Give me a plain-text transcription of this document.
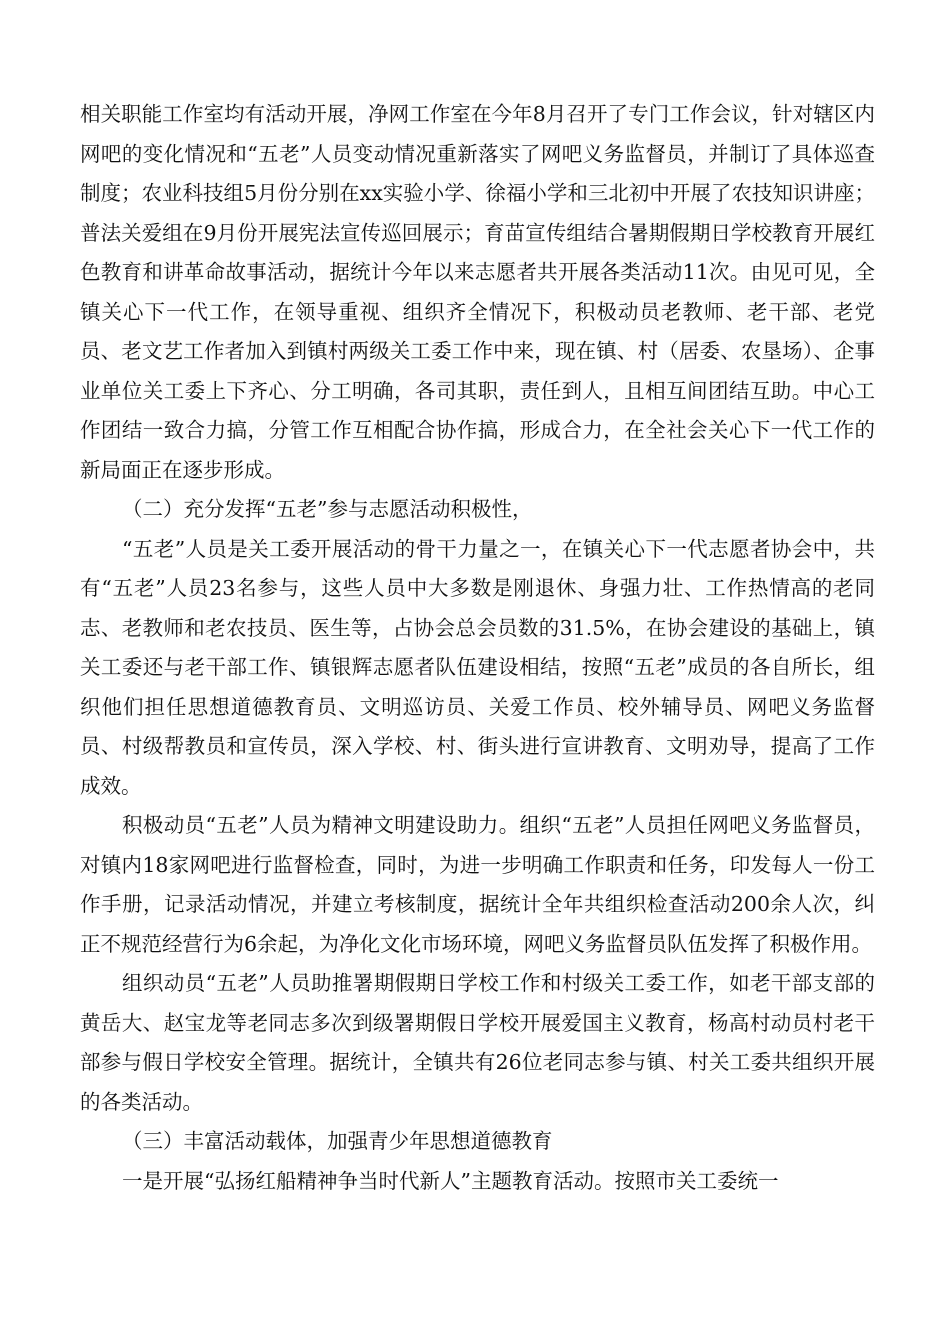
相关职能工作室均有活动开展，净网工作室在今年8月召开了专门工作会议，针对辖区内网吧的变化情况和“五老”人员变动情况重新落实了网吧义务监督员，并制订了具体巡查制度；农业科技组5月份分别在xx实验小学、徐福小学和三北初中开展了农技知识讲座；普法关爱组在9月份开展宪法宣传巡回展示；育苗宣传组结合暑期假期日学校教育开展红色教育和讲革命故事活动，据统计今年以来志愿者共开展各类活动11次。由见可见，全镇关心下一代工作，在领导重视、组织齐全情况下，积极动员老教师、老干部、老党员、老文艺工作者加入到镇村两级关工委工作中来，现在镇、村（居委、农垦场）、企事业单位关工委上下齐心、分工明确，各司其职，责任到人，且相互间团结互助。中心工作团结一致合力搞，分管工作互相配合协作搞，形成合力，在全社会关心下一代工作的新局面正在逐步形成。

（二）充分发挥“五老”参与志愿活动积极性，

“五老”人员是关工委开展活动的骨干力量之一，在镇关心下一代志愿者协会中，共有“五老”人员23名参与，这些人员中大多数是刚退休、身强力壮、工作热情高的老同志、老教师和老农技员、医生等，占协会总会员数的31.5%，在协会建设的基础上，镇关工委还与老干部工作、镇银辉志愿者队伍建设相结，按照“五老”成员的各自所长，组织他们担任思想道德教育员、文明巡访员、关爱工作员、校外辅导员、网吧义务监督员、村级帮教员和宣传员，深入学校、村、街头进行宣讲教育、文明劝导，提高了工作成效。

积极动员“五老”人员为精神文明建设助力。组织“五老”人员担任网吧义务监督员，对镇内18家网吧进行监督检查，同时，为进一步明确工作职责和任务，印发每人一份工作手册，记录活动情况，并建立考核制度，据统计全年共组织检查活动200余人次，纠正不规范经营行为6余起，为净化文化市场环境，网吧义务监督员队伍发挥了积极作用。

组织动员“五老”人员助推署期假期日学校工作和村级关工委工作，如老干部支部的黄岳大、赵宝龙等老同志多次到级署期假日学校开展爱国主义教育，杨高村动员村老干部参与假日学校安全管理。据统计，全镇共有26位老同志参与镇、村关工委共组织开展的各类活动。

（三）丰富活动载体，加强青少年思想道德教育

一是开展“弘扬红船精神争当时代新人”主题教育活动。按照市关工委统一
